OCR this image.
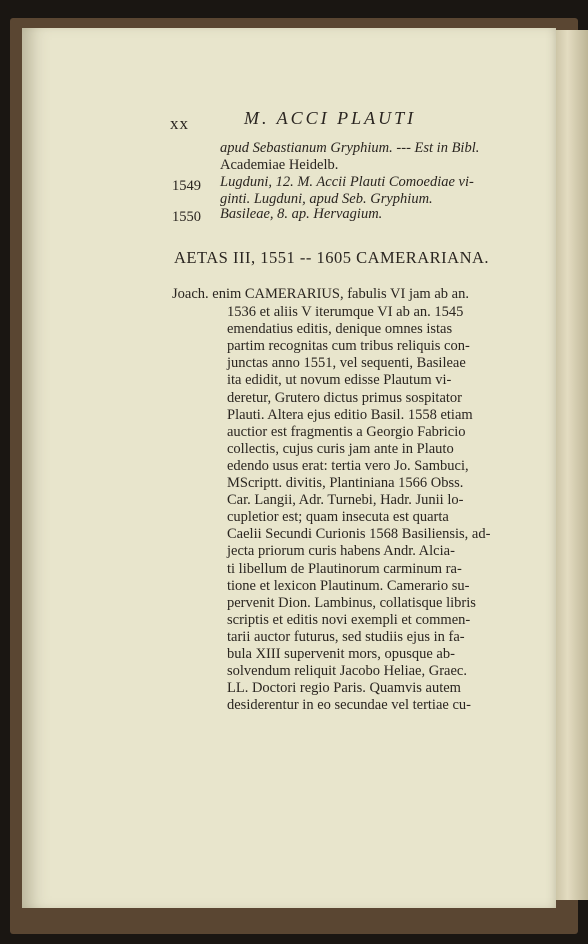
xx	M. ACCI PLAUTI
apud Sebastianum Gryphium. --- Est in Bibl.
Academiae Heidelb.
1549 Lugduni, 12. M. Accii Plauti Comoediae vi-
ginti. Lugduni, apud Seb. Gryphium.
1550 Basileae, 8. ap. Hervagium.
AETAS III, 1551 -- 1605 CAMERARIANA.
Joach. enim CAMERARIUS, fabulis VI jam ab an.
1536 et aliis V iterumque VI ab an. 1545
emendatius editis, denique omnes istas
partim recognitas cum tribus reliquis con-
junctas anno 1551, vel sequenti, Basileae
ita edidit, ut novum edisse Plautum vi-
deretur, Grutero dictus primus sospitator
Plauti. Altera ejus editio Basil. 1558 etiam
auctior est fragmentis a Georgio Fabricio
collectis, cujus curis jam ante in Plauto
edendo usus erat: tertia vero Jo. Sambuci,
MScriptt. divitis, Plantiniana 1566 Obss.
Car. Langii, Adr. Turnebi, Hadr. Junii lo-
cupletior est; quam insecuta est quarta
Caelii Secundi Curionis 1568 Basiliensis, ad-
jecta priorum curis habens Andr. Alcia-
ti libellum de Plautinorum carminum ra-
tione et lexicon Plautinum. Camerario su-
pervenit Dion. Lambinus, collatisque libris
scriptis et editis novi exempli et commen-
tarii auctor futurus, sed studiis ejus in fa-
bula XIII supervenit mors, opusque ab-
solvendum reliquit Jacobo Heliae, Graec.
LL. Doctori regio Paris. Quamvis autem
desiderentur in eo secundae vel tertiae cu-
